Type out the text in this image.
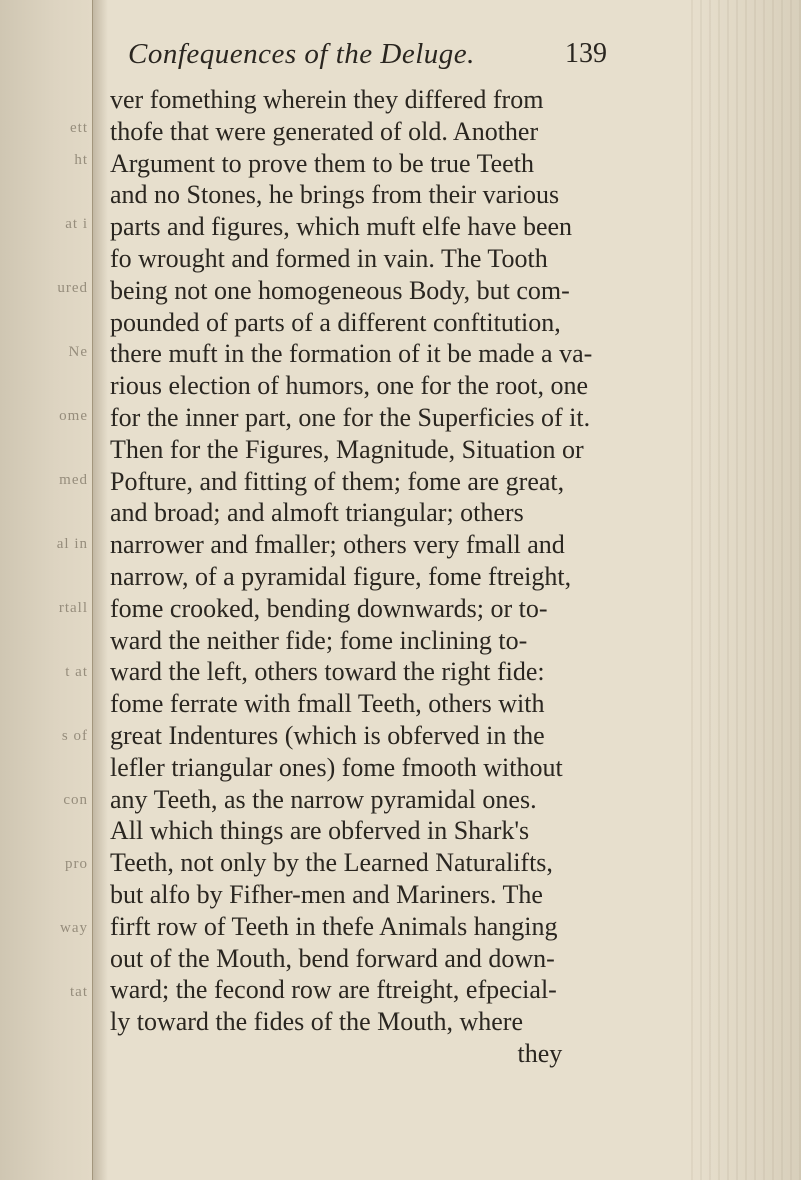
ett
ht
at i
ured
Ne
ome
med
al in
rtall
t at
s of
con
pro
way
tat
Confequences of the Deluge.	139
ver fomething wherein they differed from
thofe that were generated of old. Another
Argument to prove them to be true Teeth
and no Stones, he brings from their various
parts and figures, which muft elfe have been
fo wrought and formed in vain. The Tooth
being not one homogeneous Body, but com-
pounded of parts of a different conftitution,
there muft in the formation of it be made a va-
rious election of humors, one for the root, one
for the inner part, one for the Superficies of it.
Then for the Figures, Magnitude, Situation or
Pofture, and fitting of them; fome are great,
and broad; and almoft triangular; others
narrower and fmaller; others very fmall and
narrow, of a pyramidal figure, fome ftreight,
fome crooked, bending downwards; or to-
ward the neither fide; fome inclining to-
ward the left, others toward the right fide:
fome ferrate with fmall Teeth, others with
great Indentures (which is obferved in the
lefler triangular ones) fome fmooth without
any Teeth, as the narrow pyramidal ones.
All which things are obferved in Shark's
Teeth, not only by the Learned Naturalifts,
but alfo by Fifher-men and Mariners. The
firft row of Teeth in thefe Animals hanging
out of the Mouth, bend forward and down-
ward; the fecond row are ftreight, efpecial-
ly toward the fides of the Mouth, where
they
